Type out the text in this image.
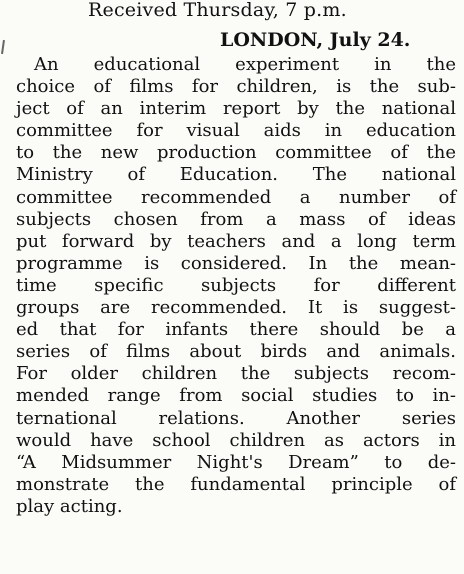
Received Thursday, 7 p.m.
LONDON, July 24.
An educational experiment in the
choice of films for children, is the sub-
ject of an interim report by the national
committee for visual aids in education
to the new production committee of the
Ministry of Education. The national
committee recommended a number of
subjects chosen from a mass of ideas
put forward by teachers and a long term
programme is considered. In the mean-
time specific subjects for different
groups are recommended. It is suggest-
ed that for infants there should be a
series of films about birds and animals.
For older children the subjects recom-
mended range from social studies to in-
ternational relations. Another series
would have school children as actors in
“A Midsummer Night's Dream” to de-
monstrate the fundamental principle of
play acting.
